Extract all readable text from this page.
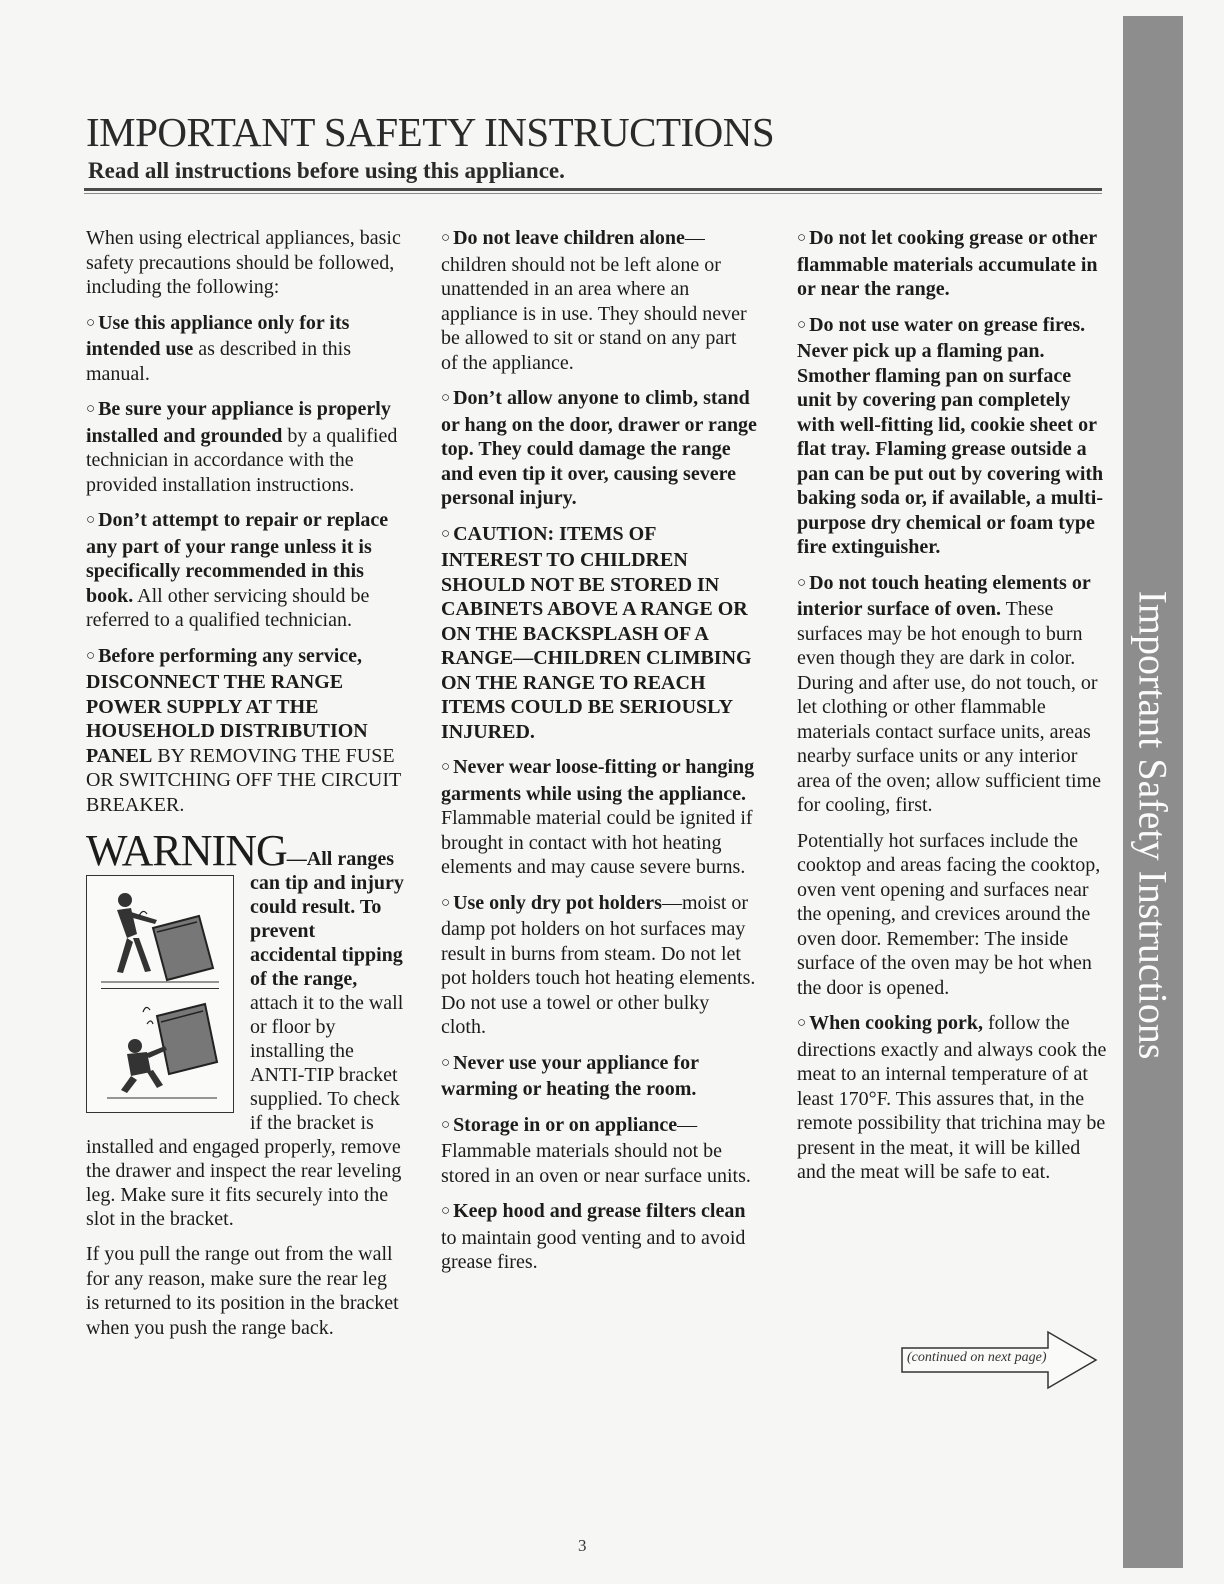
IMPORTANT SAFETY INSTRUCTIONS
Read all instructions before using this appliance.

When using electrical appliances, basic safety precautions should be followed, including the following:

○ Use this appliance only for its intended use as described in this manual.

○ Be sure your appliance is properly installed and grounded by a qualified technician in accordance with the provided installation instructions.

○ Don’t attempt to repair or replace any part of your range unless it is specifically recommended in this book. All other servicing should be referred to a qualified technician.

○ Before performing any service, DISCONNECT THE RANGE POWER SUPPLY AT THE HOUSEHOLD DISTRIBUTION PANEL BY REMOVING THE FUSE OR SWITCHING OFF THE CIRCUIT BREAKER.

WARNING
—All ranges can tip and injury could result. To prevent accidental tipping of the range, attach it to the wall or floor by installing the ANTI-TIP bracket supplied. To check if the bracket is installed and engaged properly, remove the drawer and inspect the rear leveling leg. Make sure it fits securely into the slot in the bracket.

If you pull the range out from the wall for any reason, make sure the rear leg is returned to its position in the bracket when you push the range back.

○ Do not leave children alone—children should not be left alone or unattended in an area where an appliance is in use. They should never be allowed to sit or stand on any part of the appliance.

○ Don’t allow anyone to climb, stand or hang on the door, drawer or range top. They could damage the range and even tip it over, causing severe personal injury.

○ CAUTION: ITEMS OF INTEREST TO CHILDREN SHOULD NOT BE STORED IN CABINETS ABOVE A RANGE OR ON THE BACKSPLASH OF A RANGE—CHILDREN CLIMBING ON THE RANGE TO REACH ITEMS COULD BE SERIOUSLY INJURED.

○ Never wear loose-fitting or hanging garments while using the appliance. Flammable material could be ignited if brought in contact with hot heating elements and may cause severe burns.

○ Use only dry pot holders—moist or damp pot holders on hot surfaces may result in burns from steam. Do not let pot holders touch hot heating elements. Do not use a towel or other bulky cloth.

○ Never use your appliance for warming or heating the room.

○ Storage in or on appliance—Flammable materials should not be stored in an oven or near surface units.

○ Keep hood and grease filters clean to maintain good venting and to avoid grease fires.

○ Do not let cooking grease or other flammable materials accumulate in or near the range.

○ Do not use water on grease fires. Never pick up a flaming pan. Smother flaming pan on surface unit by covering pan completely with well-fitting lid, cookie sheet or flat tray. Flaming grease outside a pan can be put out by covering with baking soda or, if available, a multi-purpose dry chemical or foam type fire extinguisher.

○ Do not touch heating elements or interior surface of oven. These surfaces may be hot enough to burn even though they are dark in color. During and after use, do not touch, or let clothing or other flammable materials contact surface units, areas nearby surface units or any interior area of the oven; allow sufficient time for cooling, first.

Potentially hot surfaces include the cooktop and areas facing the cooktop, oven vent opening and surfaces near the opening, and crevices around the oven door. Remember: The inside surface of the oven may be hot when the door is opened.

○ When cooking pork, follow the directions exactly and always cook the meat to an internal temperature of at least 170°F. This assures that, in the remote possibility that trichina may be present in the meat, it will be killed and the meat will be safe to eat.

(continued on next page)
3
Important Safety Instructions
